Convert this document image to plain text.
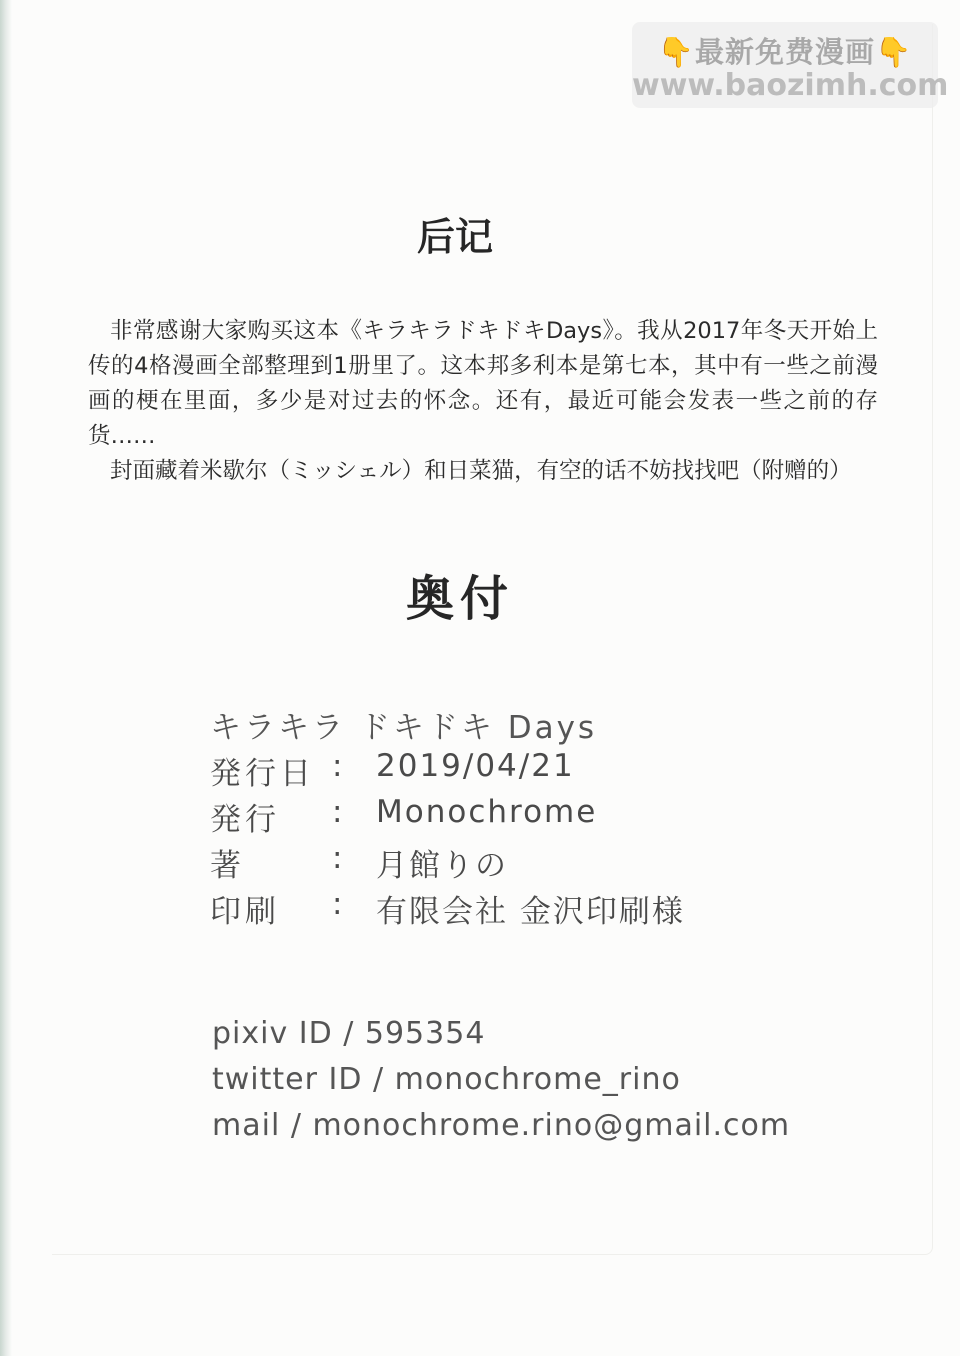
👇最新免费漫画👇
www.baozimh.com
后记

非常感谢大家购买这本《キラキラドキドキDays》。我从2017年冬天开始上传的4格漫画全部整理到1册里了。这本邦多利本是第七本，其中有一些之前漫画的梗在里面，多少是对过去的怀念。还有，最近可能会发表一些之前的存货……

封面藏着米歇尔（ミッシェル）和日菜猫，有空的话不妨找找吧（附赠的）

奥付
キラキラ ドキドキ Days
発行日 : 2019/04/21
発行 : Monochrome
著	: 月館りの
印刷 : 有限会社 金沢印刷様
pixiv ID / 595354
twitter ID / monochrome_rino
mail / monochrome.rino@gmail.com
